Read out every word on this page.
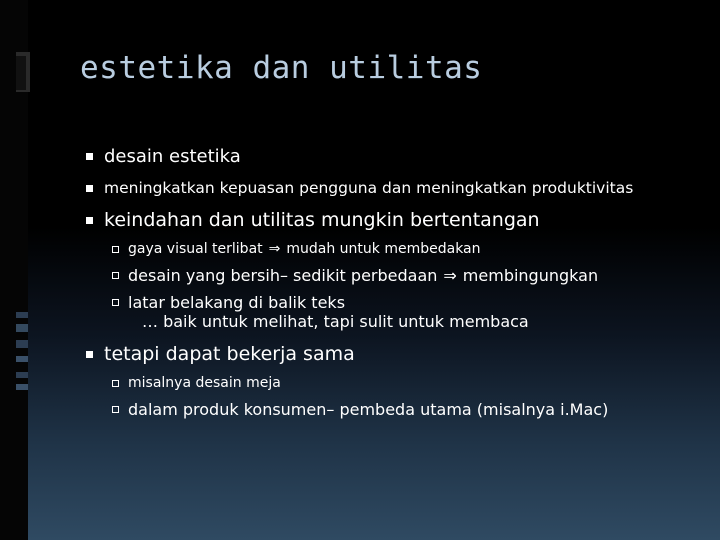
estetika dan utilitas
desain estetika
meningkatkan kepuasan pengguna dan meningkatkan produktivitas
keindahan dan utilitas mungkin bertentangan
gaya visual terlibat ⇒ mudah untuk membedakan
desain yang bersih– sedikit perbedaan ⇒ membingungkan
latar belakang di balik teks
… baik untuk melihat, tapi sulit untuk membaca
tetapi dapat bekerja sama
misalnya desain meja
dalam produk konsumen– pembeda utama (misalnya i.Mac)
